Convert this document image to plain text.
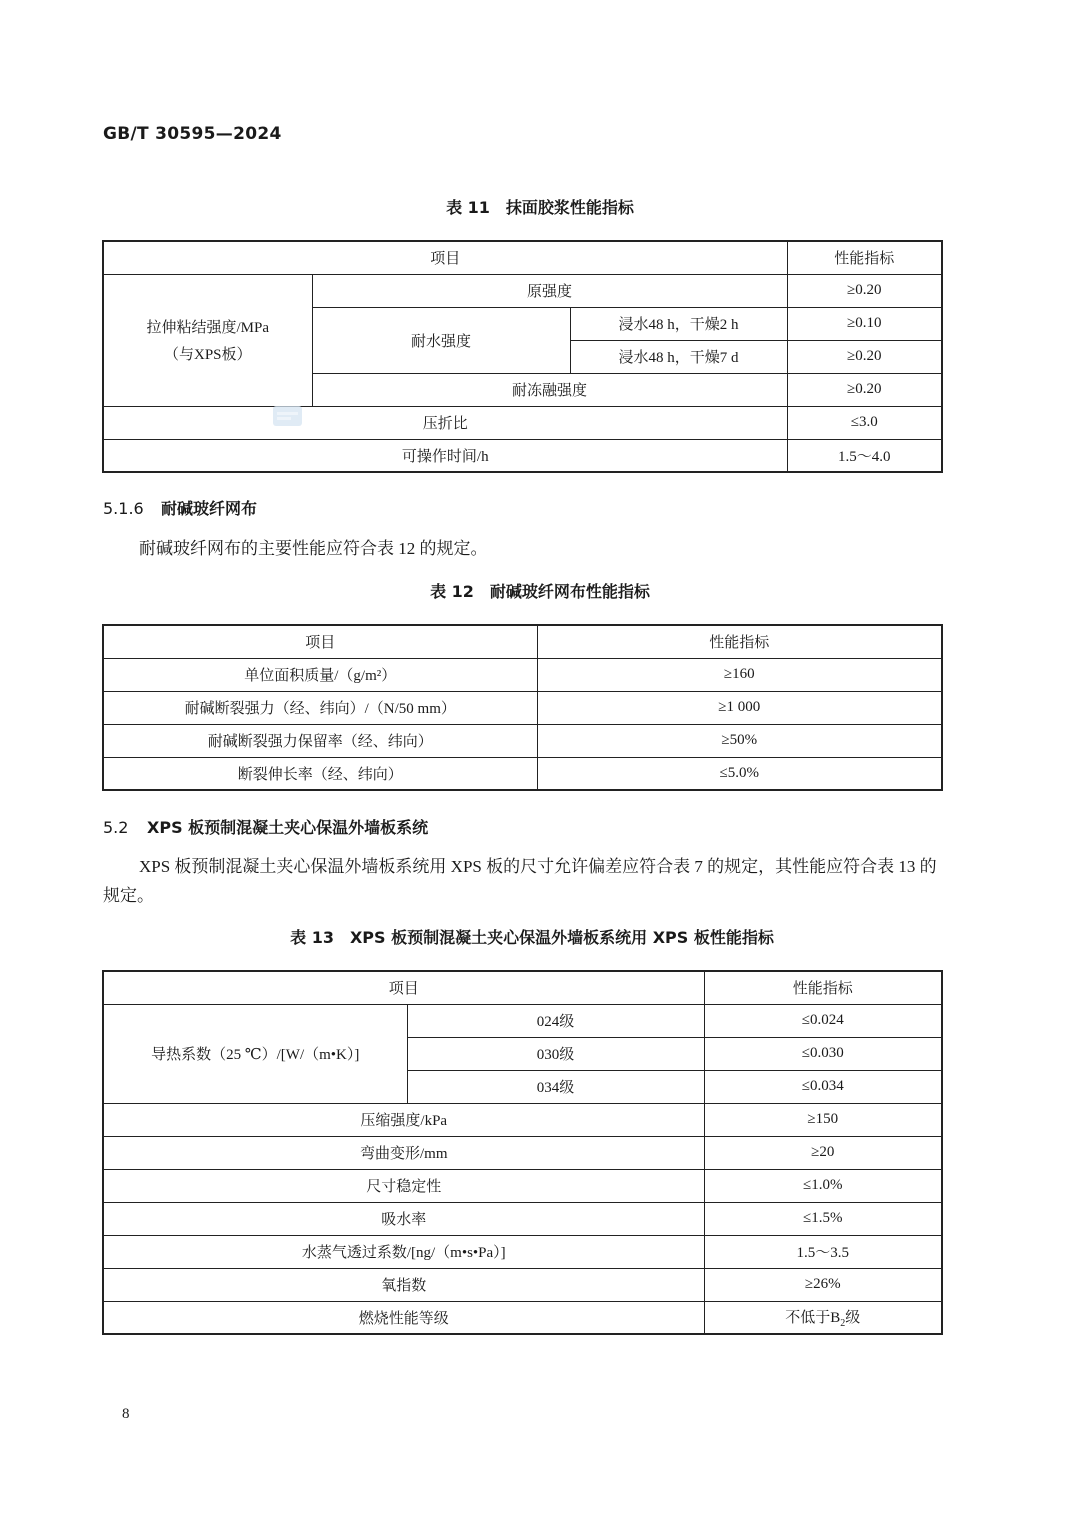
GB/T 30595—2024
表 11 抹面胶浆性能指标
项目			性能指标

拉伸粘结强度/MPa
（与XPS板）	原强度		≥0.20
	耐水强度	浸水48 h，干燥2 h	≥0.10
		浸水48 h，干燥7 d	≥0.20
	耐冻融强度		≥0.20
压折比			≤3.0
可操作时间/h			1.5～4.0
5.1.6 耐碱玻纤网布
耐碱玻纤网布的主要性能应符合表 12 的规定。
表 12 耐碱玻纤网布性能指标
项目	性能指标
单位面积质量/（g/m²）	≥160
耐碱断裂强力（经、纬向）/（N/50 mm）	≥1 000
耐碱断裂强力保留率（经、纬向）	≥50%
断裂伸长率（经、纬向）	≤5.0%
5.2 XPS 板预制混凝土夹心保温外墙板系统
XPS 板预制混凝土夹心保温外墙板系统用 XPS 板的尺寸允许偏差应符合表 7 的规定，其性能应符合表 13 的规定。
表 13 XPS 板预制混凝土夹心保温外墙板系统用 XPS 板性能指标
项目		性能指标
导热系数（25 ℃）/[W/（m•K）]	024级	≤0.024
	030级	≤0.030
	034级	≤0.034
压缩强度/kPa		≥150
弯曲变形/mm		≥20
尺寸稳定性		≤1.0%
吸水率		≤1.5%
水蒸气透过系数/[ng/（m•s•Pa）]		1.5～3.5
氧指数		≥26%
燃烧性能等级		不低于$B_2$级
8
